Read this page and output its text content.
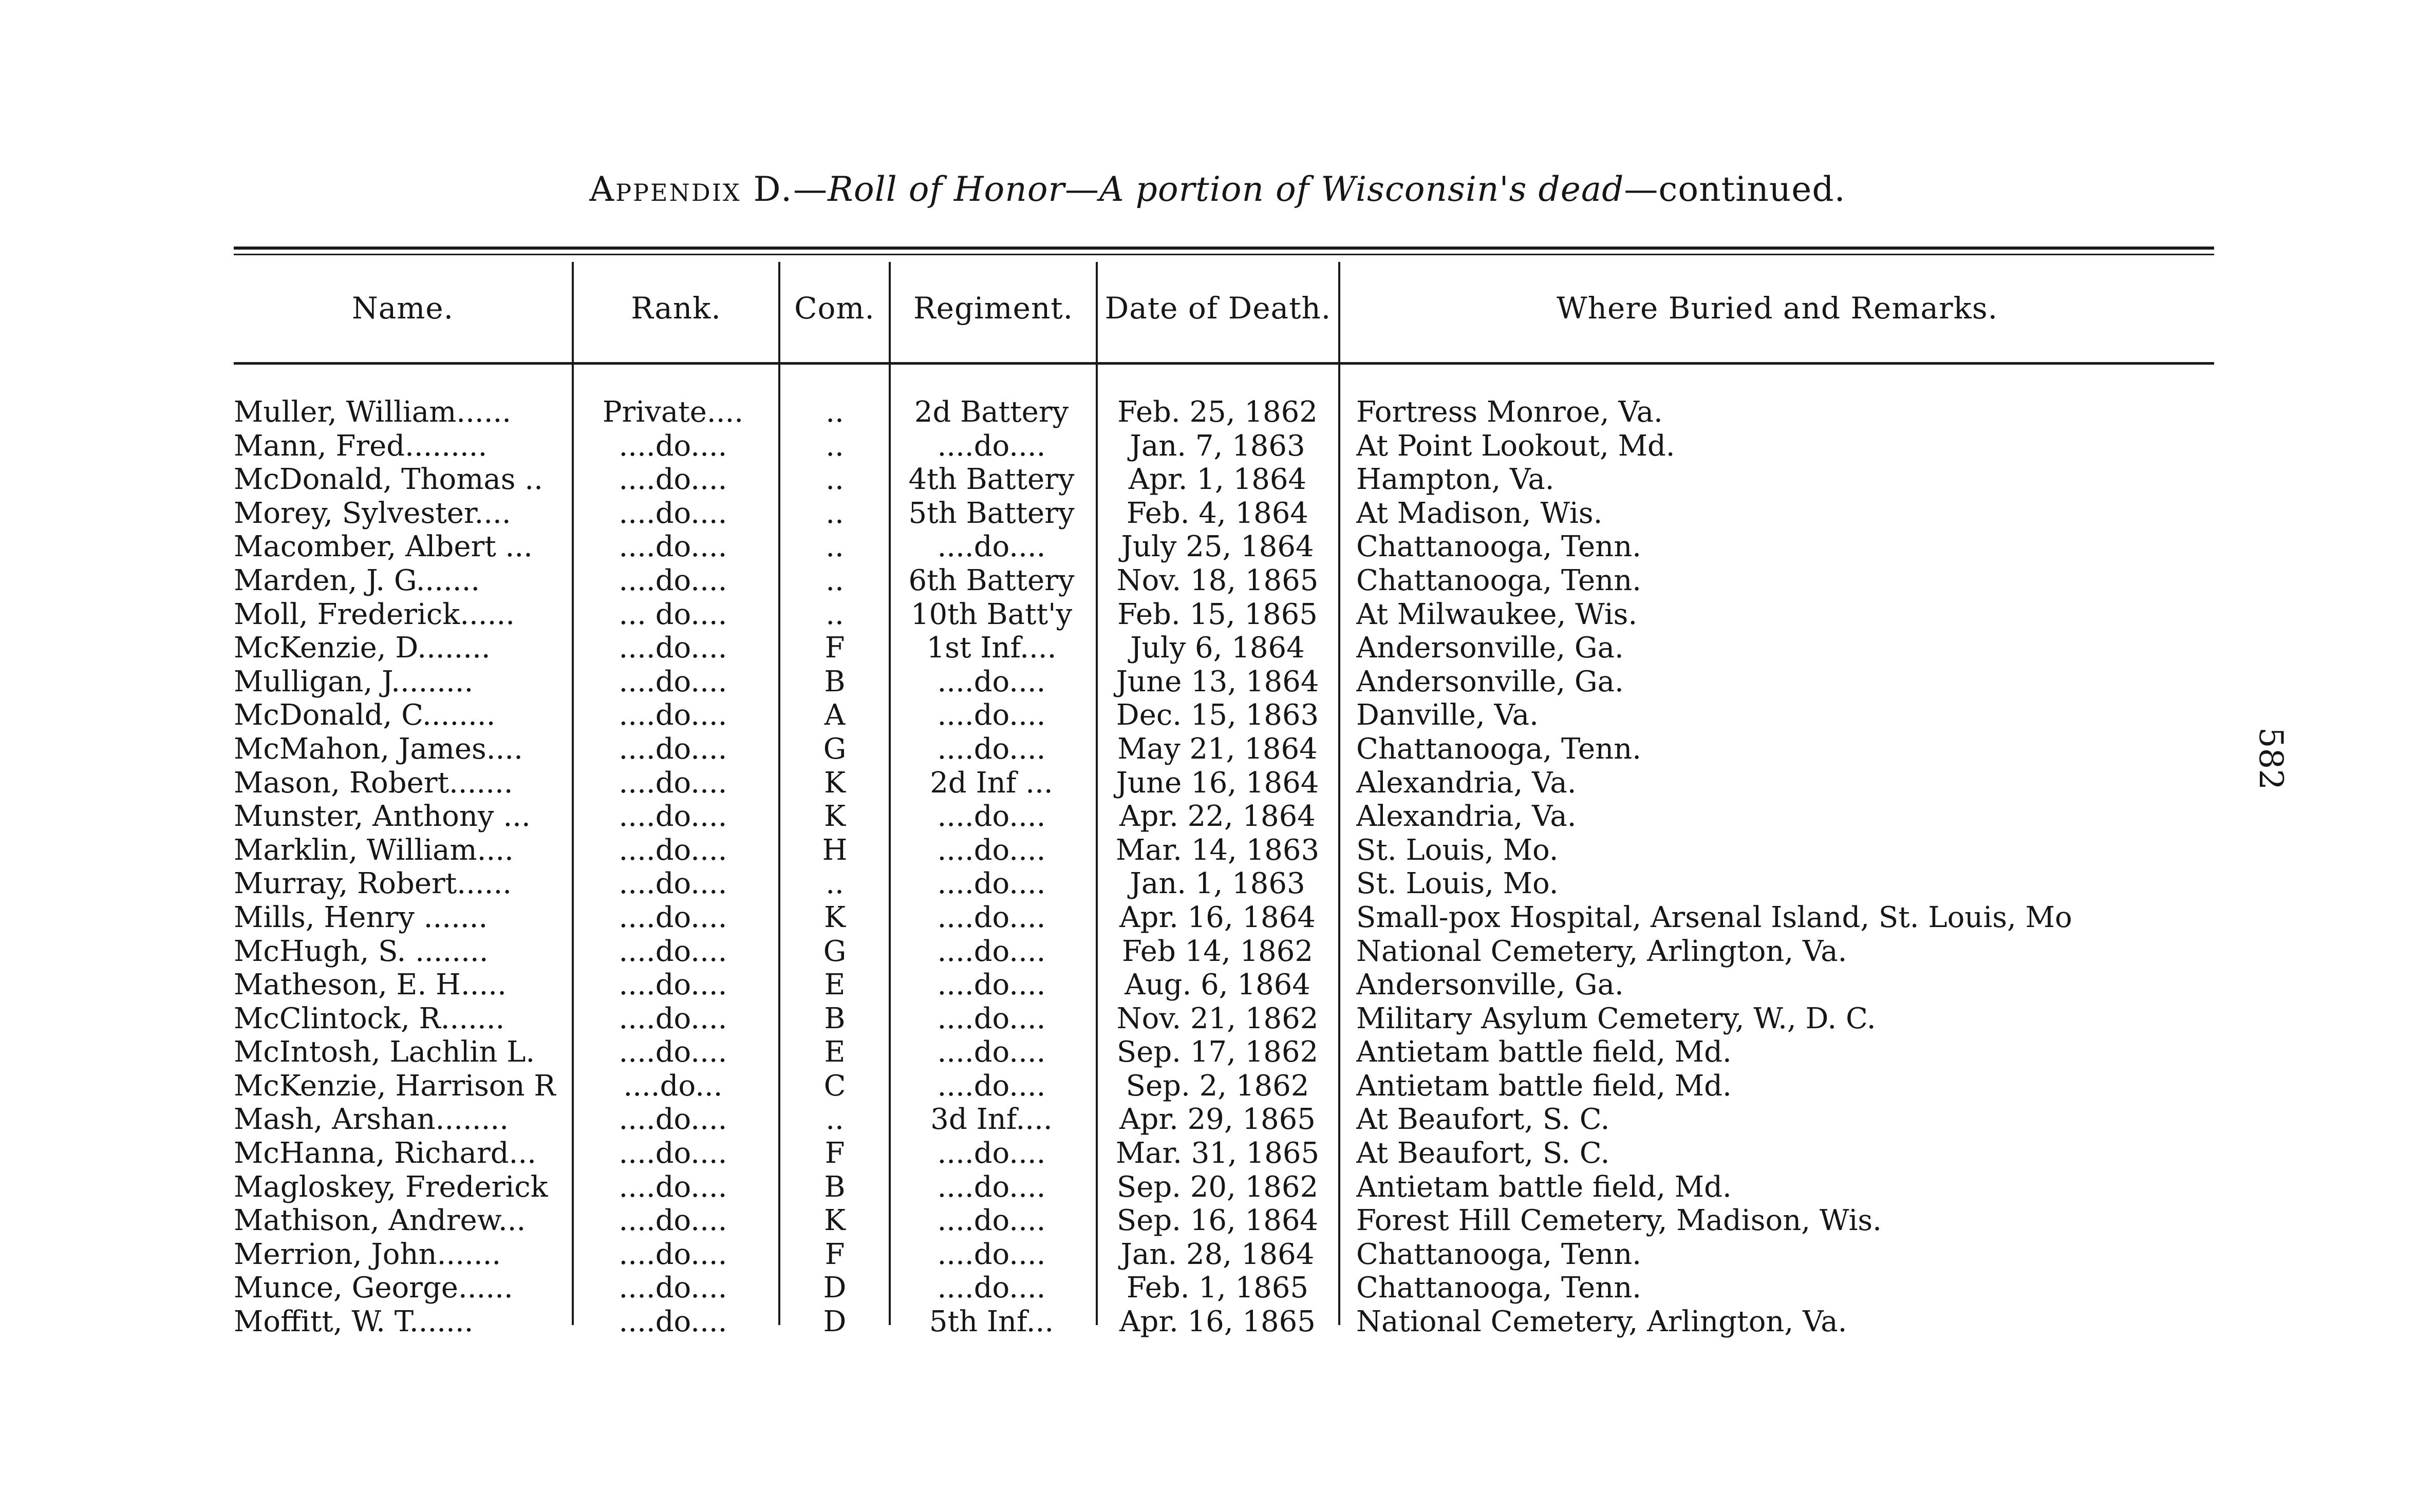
Appendix D.—Roll of Honor—A portion of Wisconsin's dead—continued.
Name.	Rank.	Com.	Regiment.	Date of Death.	Where Buried and Remarks.
Muller, William......	Private....	..	2d Battery	Feb. 25, 1862	Fortress Monroe, Va.
Mann, Fred.........	....do....	..	....do....	Jan. 7, 1863	At Point Lookout, Md.
McDonald, Thomas ..	....do....	..	4th Battery	Apr. 1, 1864	Hampton, Va.
Morey, Sylvester....	....do....	..	5th Battery	Feb. 4, 1864	At Madison, Wis.
Macomber, Albert ...	....do....	..	....do....	July 25, 1864	Chattanooga, Tenn.
Marden, J. G.......	....do....	..	6th Battery	Nov. 18, 1865	Chattanooga, Tenn.
Moll, Frederick......	... do....	..	10th Batt'y	Feb. 15, 1865	At Milwaukee, Wis.
McKenzie, D........	....do....	F	1st Inf....	July 6, 1864	Andersonville, Ga.
Mulligan, J.........	....do....	B	....do....	June 13, 1864	Andersonville, Ga.
McDonald, C........	....do....	A	....do....	Dec. 15, 1863	Danville, Va.
McMahon, James....	....do....	G	....do....	May 21, 1864	Chattanooga, Tenn.
Mason, Robert.......	....do....	K	2d Inf ...	June 16, 1864	Alexandria, Va.
Munster, Anthony ...	....do....	K	....do....	Apr. 22, 1864	Alexandria, Va.
Marklin, William....	....do....	H	....do....	Mar. 14, 1863	St. Louis, Mo.
Murray, Robert......	....do....	..	....do....	Jan. 1, 1863	St. Louis, Mo.
Mills, Henry .......	....do....	K	....do....	Apr. 16, 1864	Small-pox Hospital, Arsenal Island, St. Louis, Mo
McHugh, S. ........	....do....	G	....do....	Feb 14, 1862	National Cemetery, Arlington, Va.
Matheson, E. H.....	....do....	E	....do....	Aug. 6, 1864	Andersonville, Ga.
McClintock, R.......	....do....	B	....do....	Nov. 21, 1862	Military Asylum Cemetery, W., D. C.
McIntosh, Lachlin L.	....do....	E	....do....	Sep. 17, 1862	Antietam battle field, Md.
McKenzie, Harrison R	....do...	C	....do....	Sep. 2, 1862	Antietam battle field, Md.
Mash, Arshan........	....do....	..	3d Inf....	Apr. 29, 1865	At Beaufort, S. C.
McHanna, Richard...	....do....	F	....do....	Mar. 31, 1865	At Beaufort, S. C.
Magloskey, Frederick	....do....	B	....do....	Sep. 20, 1862	Antietam battle field, Md.
Mathison, Andrew...	....do....	K	....do....	Sep. 16, 1864	Forest Hill Cemetery, Madison, Wis.
Merrion, John.......	....do....	F	....do....	Jan. 28, 1864	Chattanooga, Tenn.
Munce, George......	....do....	D	....do....	Feb. 1, 1865	Chattanooga, Tenn.
Moffitt, W. T.......	....do....	D	5th Inf...	Apr. 16, 1865	National Cemetery, Arlington, Va.
582
